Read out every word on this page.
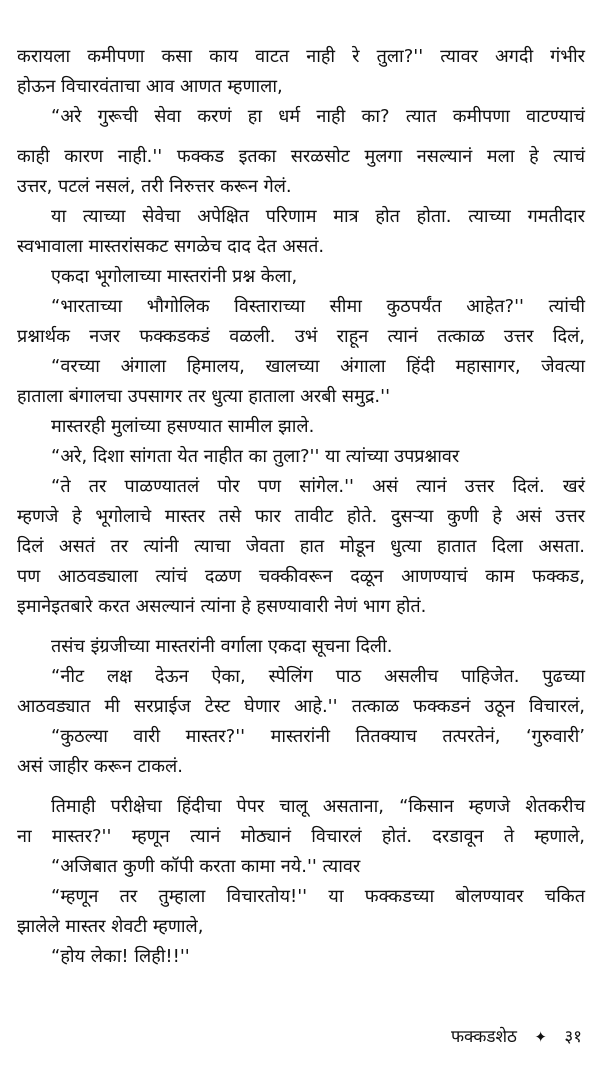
करायला कमीपणा कसा काय वाटत नाही रे तुला?'' त्यावर अगदी गंभीर
होऊन विचारवंताचा आव आणत म्हणाला,
“अरे गुरूची सेवा करणं हा धर्म नाही का? त्यात कमीपणा वाटण्याचं
काही कारण नाही.'' फक्कड इतका सरळसोट मुलगा नसल्यानं मला हे त्याचं
उत्तर, पटलं नसलं, तरी निरुत्तर करून गेलं.
या त्याच्या सेवेचा अपेक्षित परिणाम मात्र होत होता. त्याच्या गमतीदार
स्वभावाला मास्तरांसकट सगळेच दाद देत असतं.
एकदा भूगोलाच्या मास्तरांनी प्रश्न केला,
“भारताच्या भौगोलिक विस्ताराच्या सीमा कुठपर्यंत आहेत?'' त्यांची
प्रश्नार्थक नजर फक्कडकडं वळली. उभं राहून त्यानं तत्काळ उत्तर दिलं,
“वरच्या अंगाला हिमालय, खालच्या अंगाला हिंदी महासागर, जेवत्या
हाताला बंगालचा उपसागर तर धुत्या हाताला अरबी समुद्र.''
मास्तरही मुलांच्या हसण्यात सामील झाले.
“अरे, दिशा सांगता येत नाहीत का तुला?'' या त्यांच्या उपप्रश्नावर
“ते तर पाळण्यातलं पोर पण सांगेल.'' असं त्यानं उत्तर दिलं. खरं
म्हणजे हे भूगोलाचे मास्तर तसे फार तावीट होते. दुसऱ्या कुणी हे असं उत्तर
दिलं असतं तर त्यांनी त्याचा जेवता हात मोडून धुत्या हातात दिला असता.
पण आठवड्याला त्यांचं दळण चक्कीवरून दळून आणण्याचं काम फक्कड,
इमानेइतबारे करत असल्यानं त्यांना हे हसण्यावारी नेणं भाग होतं.
तसंच इंग्रजीच्या मास्तरांनी वर्गाला एकदा सूचना दिली.
“नीट लक्ष देऊन ऐका, स्पेलिंग पाठ असलीच पाहिजेत. पुढच्या
आठवड्यात मी सरप्राईज टेस्ट घेणार आहे.'' तत्काळ फक्कडनं उठून विचारलं,
“कुठल्या वारी मास्तर?'' मास्तरांनी तितक्याच तत्परतेनं, ‘गुरुवारी’
असं जाहीर करून टाकलं.
तिमाही परीक्षेचा हिंदीचा पेपर चालू असताना, “किसान म्हणजे शेतकरीच
ना मास्तर?'' म्हणून त्यानं मोठ्यानं विचारलं होतं. दरडावून ते म्हणाले,
“अजिबात कुणी कॉपी करता कामा नये.'' त्यावर
“म्हणून तर तुम्हाला विचारतोय!'' या फक्कडच्या बोलण्यावर चकित
झालेले मास्तर शेवटी म्हणाले,
“होय लेका! लिही!!''
फक्कडशेठ ✦ ३१
